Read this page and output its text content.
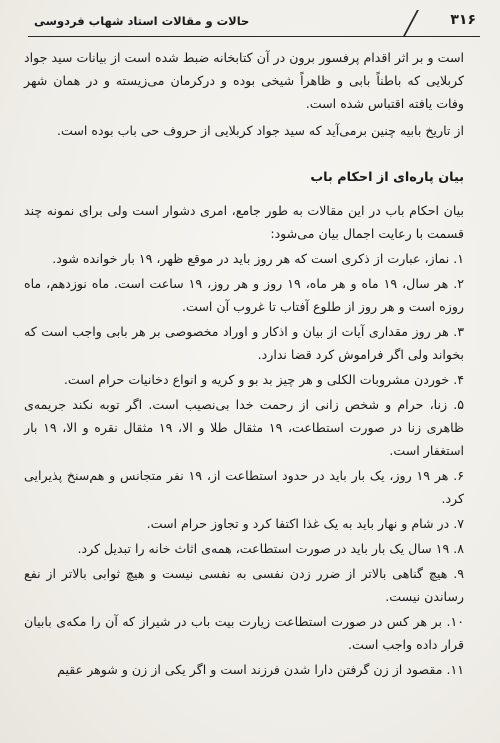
۳۱۶
حالات و مقالات استاد شهاب فردوسی

است و بر اثر اقدام پرفسور برون در آن کتابخانه ضبط شده است از بیانات سید جواد کربلایی که باطناً بابی و ظاهراً شیخی بوده و درکرمان می‌زیسته و در همان شهر وفات یافته اقتباس شده است.

از تاریخ بابیه چنین برمی‌آید که سید جواد کربلایی از حروف حی باب بوده است.

بیان پاره‌ای از احکام باب

بیان احکام باب در این مقالات به طور جامع، امری دشوار است ولی برای نمونه چند قسمت با رعایت اجمال بیان می‌شود:

۱. نماز، عبارت از ذکری است که هر روز باید در موقع ظهر، ۱۹ بار خوانده شود.

۲. هر سال، ۱۹ ماه و هر ماه، ۱۹ روز و هر روز، ۱۹ ساعت است. ماه نوزدهم، ماه روزه است و هر روز از طلوع آفتاب تا غروب آن است.

۳. هر روز مقداری آیات از بیان و اذکار و اوراد مخصوصی بر هر بابی واجب است که بخواند ولی اگر فراموش کرد قضا ندارد.

۴. خوردن مشروبات الکلی و هر چیز بد بو و کریه و انواع دخانیات حرام است.

۵. زنا، حرام و شخص زانی از رحمت خدا بی‌نصیب است. اگر توبه نکند جریمه‌ی ظاهری زنا در صورت استطاعت، ۱۹ مثقال طلا و الا، ۱۹ مثقال نقره و الا، ۱۹ بار استغفار است.

۶. هر ۱۹ روز، یک بار باید در حدود استطاعت از، ۱۹ نفر متجانس و هم‌سنخ پذیرایی کرد.

۷. در شام و نهار باید به یک غذا اکتفا کرد و تجاوز حرام است.

۸. ۱۹ سال یک بار باید در صورت استطاعت، همه‌ی اثاث خانه را تبدیل کرد.

۹. هیچ گناهی بالاتر از ضرر زدن نفسی به نفسی نیست و هیچ ثوابی بالاتر از نفع رساندن نیست.

۱۰. بر هر کس در صورت استطاعت زیارت بیت باب در شیراز که آن را مکه‌ی بابیان قرار داده واجب است.

۱۱. مقصود از زن گرفتن دارا شدن فرزند است و اگر یکی از زن و شوهر عقیم
